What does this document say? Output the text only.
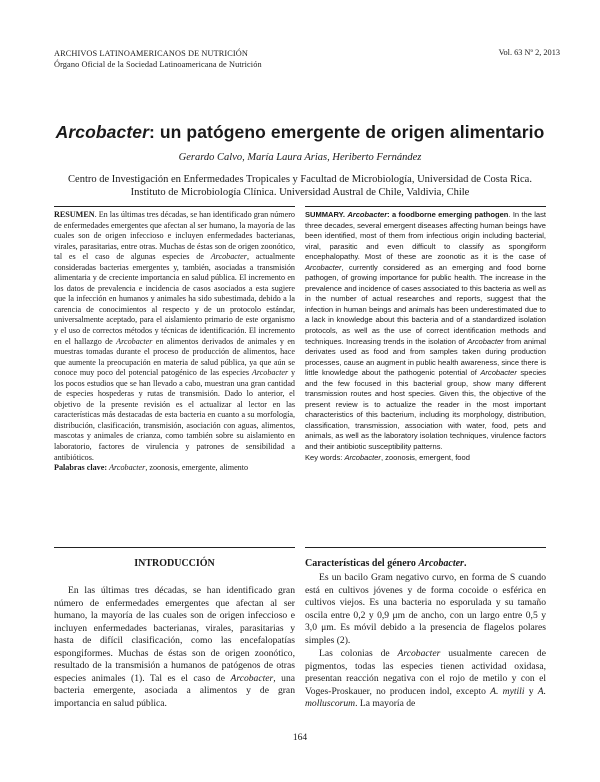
ARCHIVOS LATINOAMERICANOS DE NUTRICIÓN
Órgano Oficial de la Sociedad Latinoamericana de Nutrición
Vol. 63 Nº 2, 2013
Arcobacter: un patógeno emergente de origen alimentario
Gerardo Calvo, María Laura Arias, Heriberto Fernández
Centro de Investigación en Enfermedades Tropicales y Facultad de Microbiología, Universidad de Costa Rica.
Instituto de Microbiología Clínica. Universidad Austral de Chile, Valdivia, Chile

RESUMEN. En las últimas tres décadas, se han identificado gran número de enfermedades emergentes que afectan al ser humano, la mayoría de las cuales son de origen infeccioso e incluyen enfermedades bacterianas, virales, parasitarias, entre otras. Muchas de éstas son de origen zoonótico, tal es el caso de algunas especies de Arcobacter, actualmente consideradas bacterias emergentes y, también, asociadas a transmisión alimentaria y de creciente importancia en salud pública. El incremento en los datos de prevalencia e incidencia de casos asociados a esta sugiere que la infección en humanos y animales ha sido subestimada, debido a la carencia de conocimientos al respecto y de un protocolo estándar, universalmente aceptado, para el aislamiento primario de este organismo y el uso de correctos métodos y técnicas de identificación. El incremento en el hallazgo de Arcobacter en alimentos derivados de animales y en muestras tomadas durante el proceso de producción de alimentos, hace que aumente la preocupación en materia de salud pública, ya que aún se conoce muy poco del potencial patogénico de las especies Arcobacter y los pocos estudios que se han llevado a cabo, muestran una gran cantidad de especies hospederas y rutas de transmisión. Dado lo anterior, el objetivo de la presente revisión es el actualizar al lector en las características más destacadas de esta bacteria en cuanto a su morfología, distribución, clasificación, transmisión, asociación con aguas, alimentos, mascotas y animales de crianza, como también sobre su aislamiento en laboratorio, factores de virulencia y patrones de sensibilidad a antibióticos.

Palabras clave: Arcobacter, zoonosis, emergente, alimento

SUMMARY. Arcobacter: a foodborne emerging pathogen. In the last three decades, several emergent diseases affecting human beings have been identified, most of them from infectious origin including bacterial, viral, parasitic and even difficult to classify as spongiform encephalopathy. Most of these are zoonotic as it is the case of Arcobacter, currently considered as an emerging and food borne pathogen, of growing importance for public health. The increase in the prevalence and incidence of cases associated to this bacteria as well as in the number of actual researches and reports, suggest that the infection in human beings and animals has been underestimated due to a lack in knowledge about this bacteria and of a standardized isolation protocols, as well as the use of correct identification methods and techniques. Increasing trends in the isolation of Arcobacter from animal derivates used as food and from samples taken during production processes, cause an augment in public health awareness, since there is little knowledge about the pathogenic potential of Arcobacter species and the few focused in this bacterial group, show many different transmission routes and host species. Given this, the objective of the present review is to actualize the reader in the most important characteristics of this bacterium, including its morphology, distribution, classification, transmission, association with water, food, pets and animals, as well as the laboratory isolation techniques, virulence factors and their antibiotic susceptibility patterns.

Key words: Arcobacter, zoonosis, emergent, food

INTRODUCCIÓN

En las últimas tres décadas, se han identificado gran número de enfermedades emergentes que afectan al ser humano, la mayoría de las cuales son de origen infeccioso e incluyen enfermedades bacterianas, virales, parasitarias y hasta de difícil clasificación, como las encefalopatías espongiformes. Muchas de éstas son de origen zoonótico, resultado de la transmisión a humanos de patógenos de otras especies animales (1). Tal es el caso de Arcobacter, una bacteria emergente, asociada a alimentos y de gran importancia en salud pública.

Características del género Arcobacter.

Es un bacilo Gram negativo curvo, en forma de S cuando está en cultivos jóvenes y de forma cocoide o esférica en cultivos viejos. Es una bacteria no esporulada y su tamaño oscila entre 0,2 y 0,9 μm de ancho, con un largo entre 0,5 y 3,0 μm. Es móvil debido a la presencia de flagelos polares simples (2).

Las colonias de Arcobacter usualmente carecen de pigmentos, todas las especies tienen actividad oxidasa, presentan reacción negativa con el rojo de metilo y con el Voges-Proskauer, no producen indol, excepto A. mytili y A. molluscorum. La mayoría de

164
